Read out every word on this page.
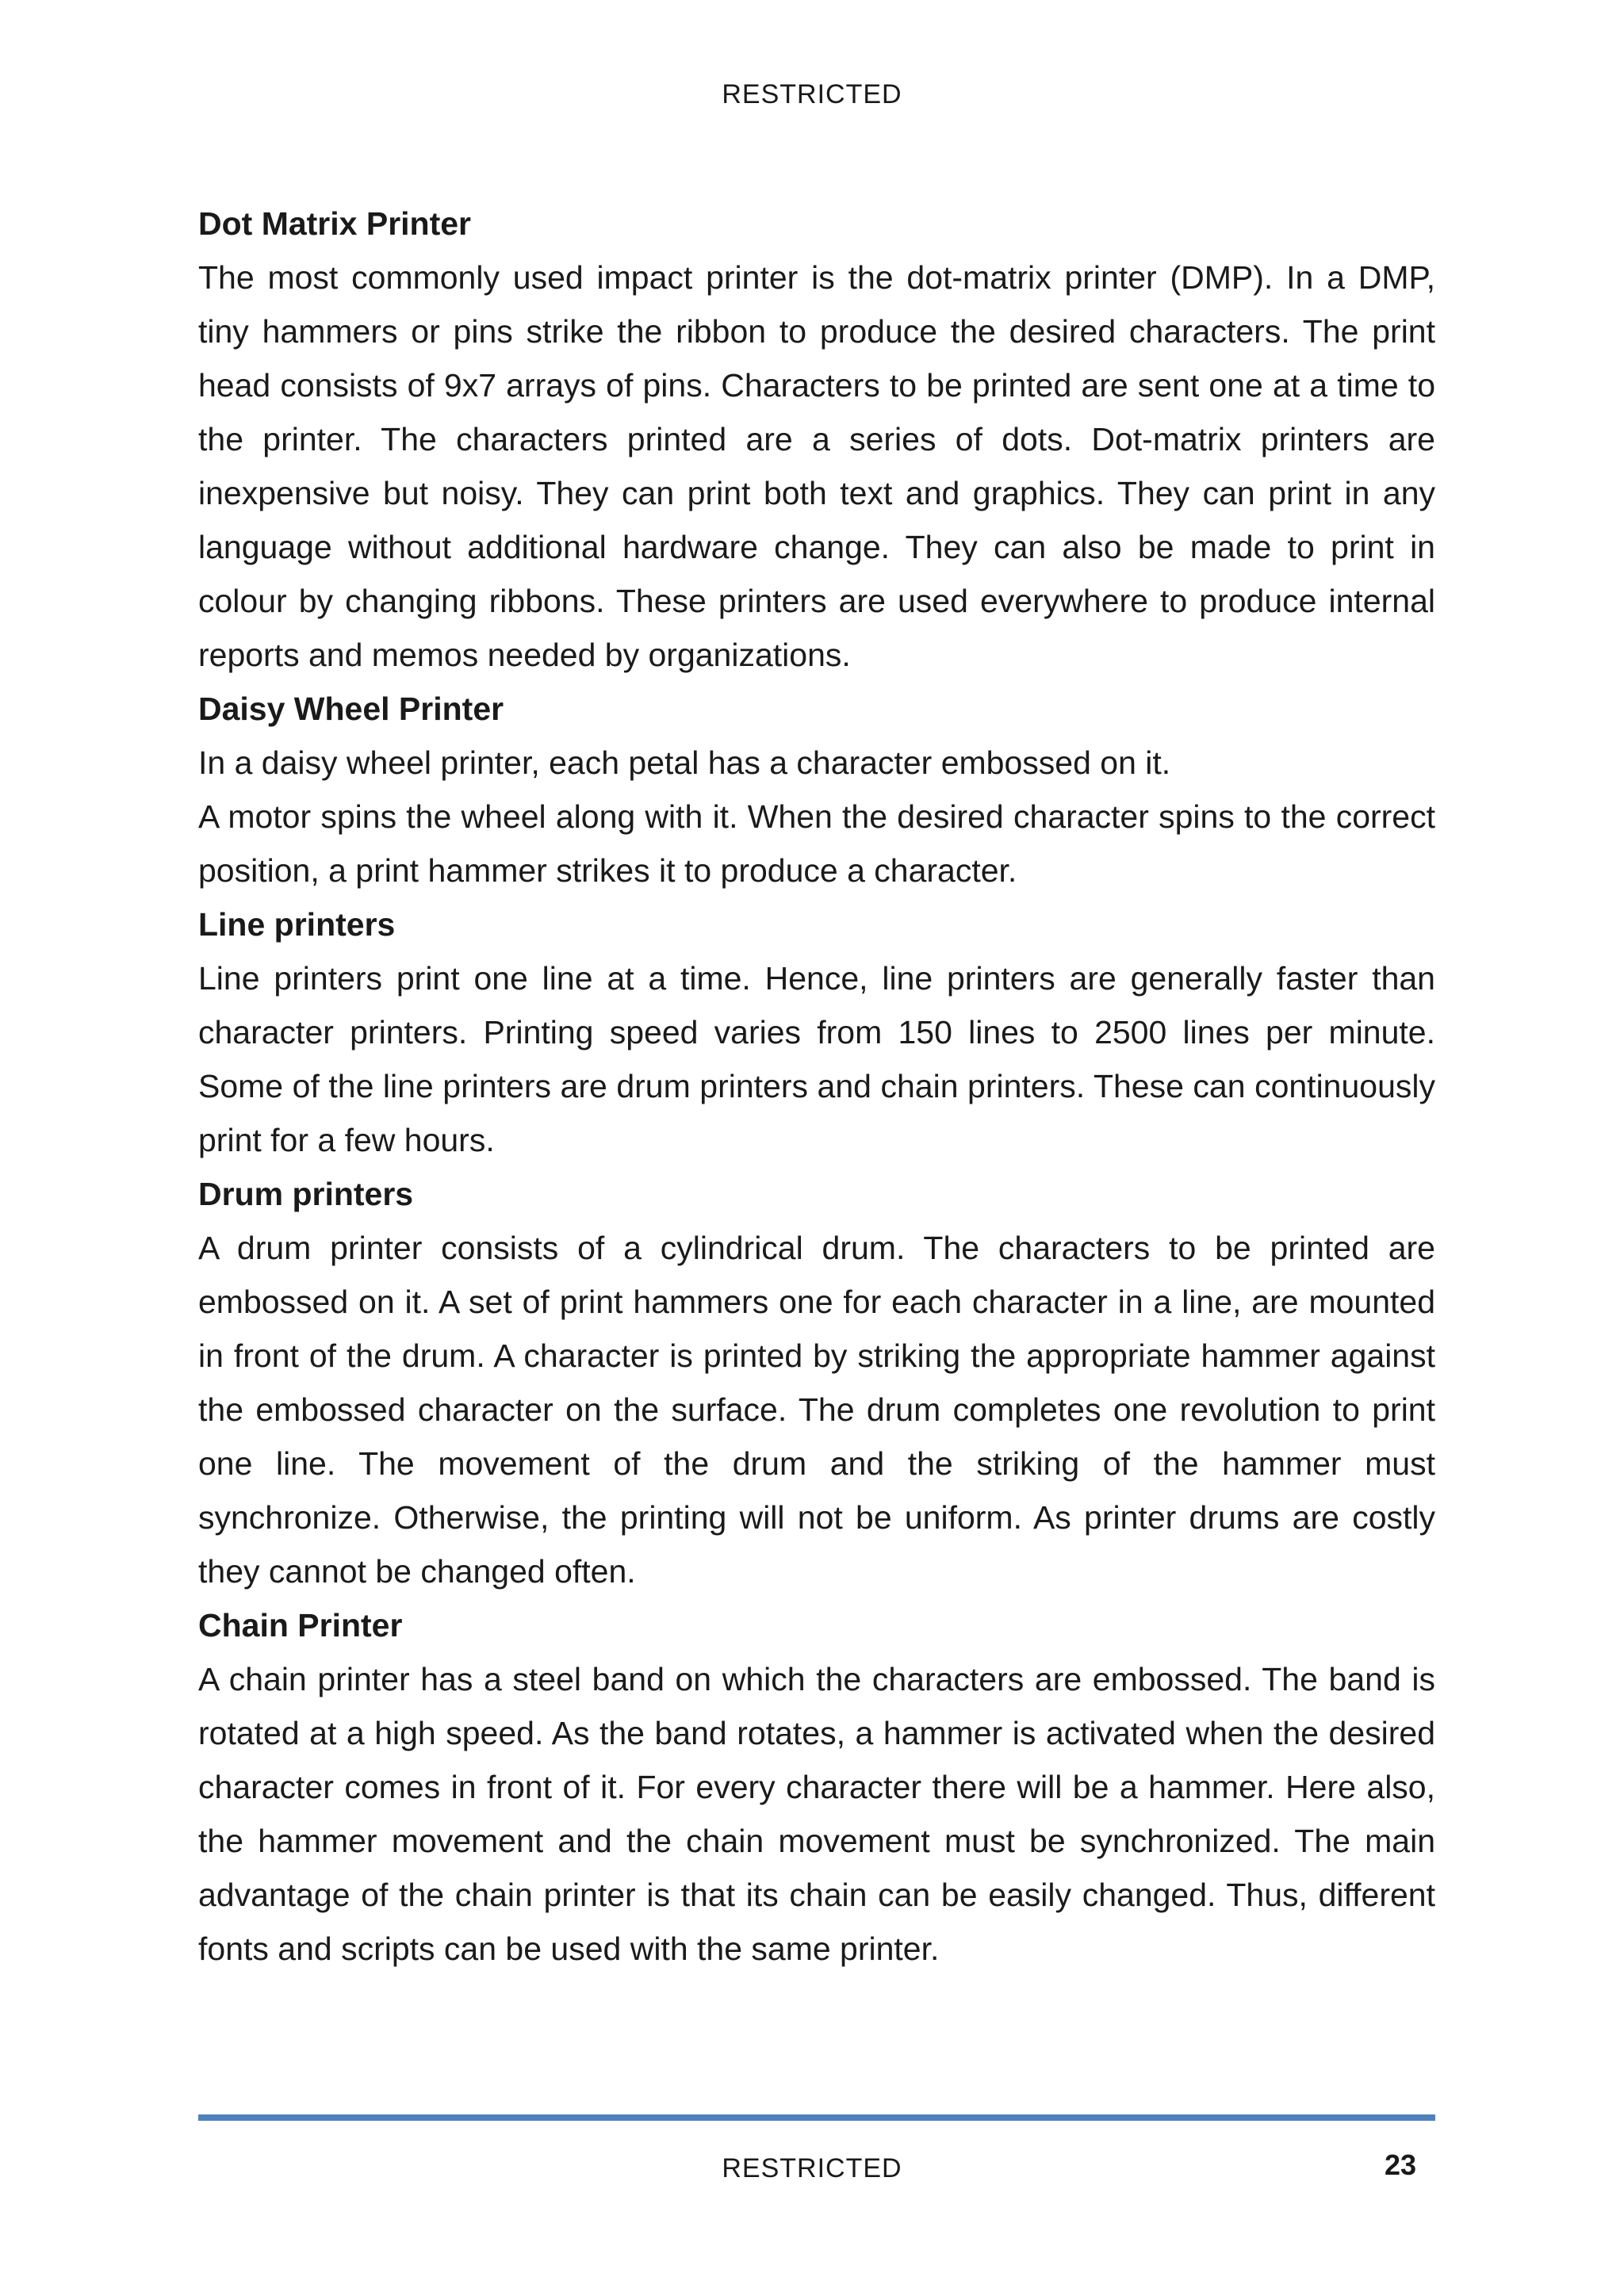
RESTRICTED
Dot Matrix Printer

The most commonly used impact printer is the dot-matrix printer (DMP). In a DMP, tiny hammers or pins strike the ribbon to produce the desired characters. The print head consists of 9x7 arrays of pins. Characters to be printed are sent one at a time to the printer. The characters printed are a series of dots. Dot-matrix printers are inexpensive but noisy. They can print both text and graphics. They can print in any language without additional hardware change. They can also be made to print in colour by changing ribbons. These printers are used everywhere to produce internal reports and memos needed by organizations.

Daisy Wheel Printer

In a daisy wheel printer, each petal has a character embossed on it.

A motor spins the wheel along with it. When the desired character spins to the correct position, a print hammer strikes it to produce a character.

Line printers

Line printers print one line at a time. Hence, line printers are generally faster than character printers. Printing speed varies from 150 lines to 2500 lines per minute. Some of the line printers are drum printers and chain printers. These can continuously print for a few hours.

Drum printers

A drum printer consists of a cylindrical drum. The characters to be printed are embossed on it. A set of print hammers one for each character in a line, are mounted in front of the drum. A character is printed by striking the appropriate hammer against the embossed character on the surface. The drum completes one revolution to print one line. The movement of the drum and the striking of the hammer must synchronize. Otherwise, the printing will not be uniform. As printer drums are costly they cannot be changed often.

Chain Printer

A chain printer has a steel band on which the characters are embossed. The band is rotated at a high speed. As the band rotates, a hammer is activated when the desired character comes in front of it. For every character there will be a hammer. Here also, the hammer movement and the chain movement must be synchronized. The main advantage of the chain printer is that its chain can be easily changed. Thus, different fonts and scripts can be used with the same printer.

RESTRICTED	23
